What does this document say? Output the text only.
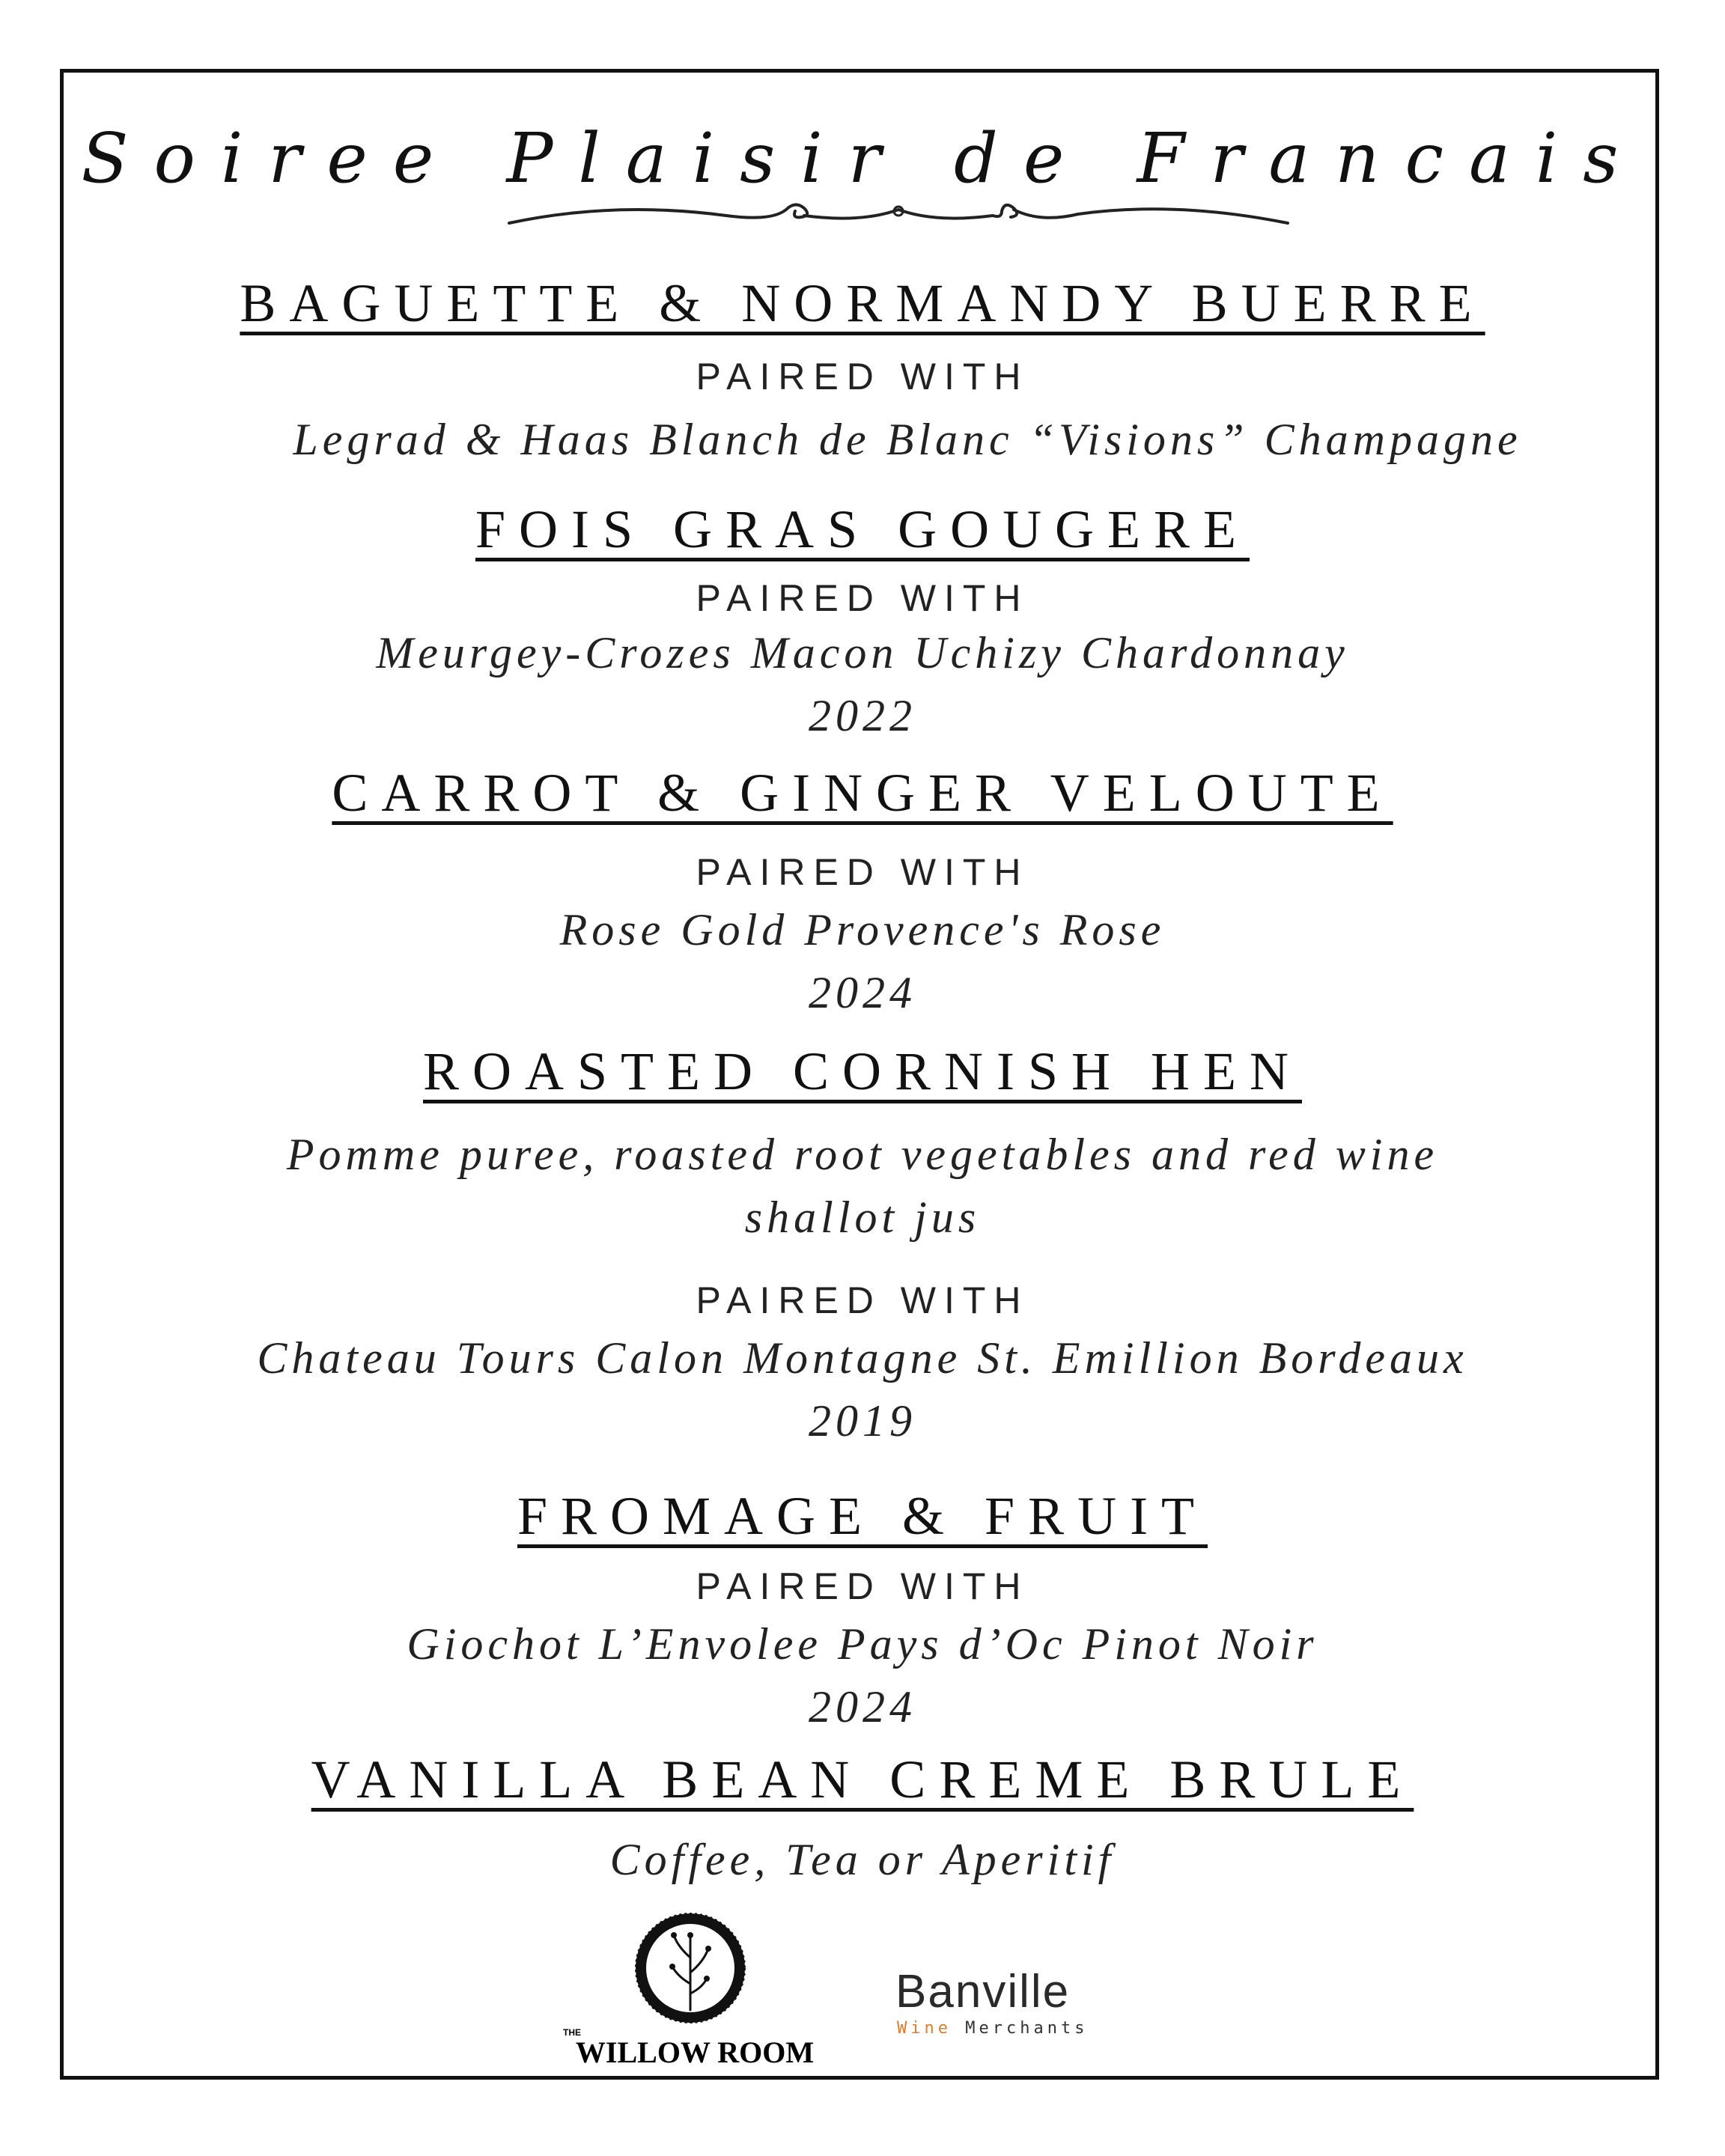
Soiree Plaisir de Francais
BAGUETTE & NORMANDY BUERRE
PAIRED WITH
Legrad & Haas Blanch de Blanc “Visions” Champagne
FOIS GRAS GOUGERE
PAIRED WITH
Meurgey-Crozes Macon Uchizy Chardonnay
2022
CARROT & GINGER VELOUTE
PAIRED WITH
Rose Gold Provence's Rose
2024
ROASTED CORNISH HEN
Pomme puree, roasted root vegetables and red wine
shallot jus
PAIRED WITH
Chateau Tours Calon Montagne St. Emillion Bordeaux
2019
FROMAGE & FRUIT
PAIRED WITH
Giochot L’Envolee Pays d’Oc Pinot Noir
2024
VANILLA BEAN CREME BRULE
Coffee, Tea or Aperitif
THE
WILLOW ROOM
Banville
Wine Merchants
